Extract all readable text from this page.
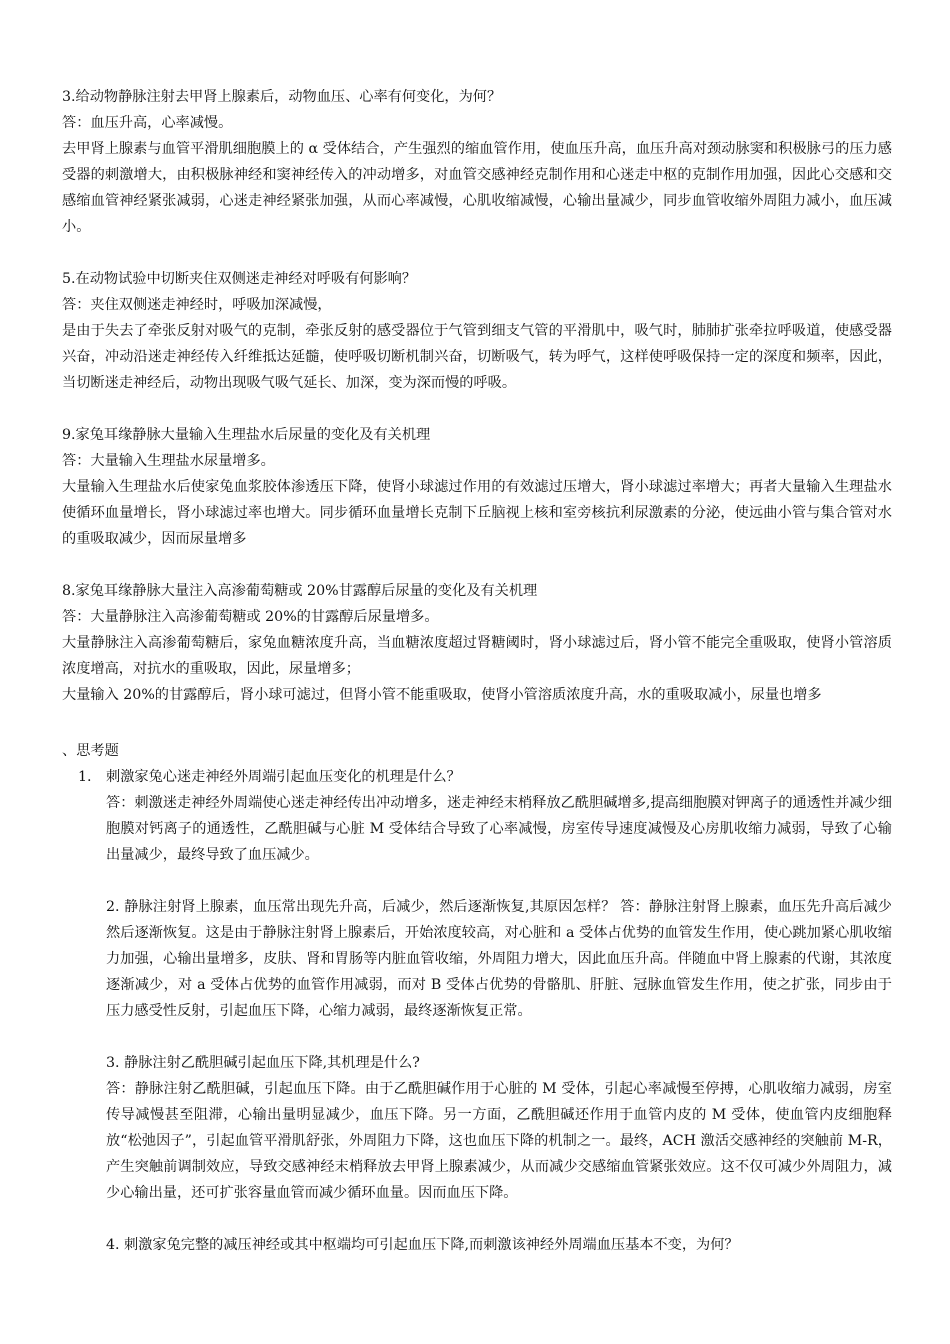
3.给动物静脉注射去甲肾上腺素后，动物血压、心率有何变化，为何？

答：血压升高，心率减慢。

去甲肾上腺素与血管平滑肌细胞膜上的 α 受体结合，产生强烈的缩血管作用，使血压升高，血压升高对颈动脉窦和积极脉弓的压力感受器的刺激增大，由积极脉神经和窦神经传入的冲动增多，对血管交感神经克制作用和心迷走中枢的克制作用加强，因此心交感和交感缩血管神经紧张减弱，心迷走神经紧张加强，从而心率减慢，心肌收缩减慢，心输出量减少，同步血管收缩外周阻力减小，血压减小。

5.在动物试验中切断夹住双侧迷走神经对呼吸有何影响？

答：夹住双侧迷走神经时，呼吸加深减慢，

是由于失去了牵张反射对吸气的克制，牵张反射的感受器位于气管到细支气管的平滑肌中，吸气时，肺肺扩张牵拉呼吸道，使感受器兴奋，冲动沿迷走神经传入纤维抵达延髓，使呼吸切断机制兴奋，切断吸气，转为呼气，这样使呼吸保持一定的深度和频率，因此，当切断迷走神经后，动物出现吸气吸气延长、加深，变为深而慢的呼吸。

9.家兔耳缘静脉大量输入生理盐水后尿量的变化及有关机理

答：大量输入生理盐水尿量增多。

大量输入生理盐水后使家兔血浆胶体渗透压下降，使肾小球滤过作用的有效滤过压增大，肾小球滤过率增大；再者大量输入生理盐水使循环血量增长，肾小球滤过率也增大。同步循环血量增长克制下丘脑视上核和室旁核抗利尿激素的分泌，使远曲小管与集合管对水的重吸取减少，因而尿量增多

8.家兔耳缘静脉大量注入高渗葡萄糖或 20%甘露醇后尿量的变化及有关机理

答：大量静脉注入高渗葡萄糖或 20%的甘露醇后尿量增多。

大量静脉注入高渗葡萄糖后，家兔血糖浓度升高，当血糖浓度超过肾糖阈时，肾小球滤过后，肾小管不能完全重吸取，使肾小管溶质浓度增高，对抗水的重吸取，因此，尿量增多；

大量输入 20%的甘露醇后，肾小球可滤过，但肾小管不能重吸取，使肾小管溶质浓度升高，水的重吸取减小，尿量也增多

、思考题

1.	刺激家兔心迷走神经外周端引起血压变化的机理是什么？

答：刺激迷走神经外周端使心迷走神经传出冲动增多，迷走神经末梢释放乙酰胆碱增多,提高细胞膜对钾离子的通透性并减少细胞膜对钙离子的通透性，乙酰胆碱与心脏 M 受体结合导致了心率减慢，房室传导速度减慢及心房肌收缩力减弱，导致了心输出量减少，最终导致了血压减少。

2. 静脉注射肾上腺素，血压常出现先升高，后减少，然后逐渐恢复,其原因怎样？ 答：静脉注射肾上腺素，血压先升高后减少然后逐渐恢复。这是由于静脉注射肾上腺素后，开始浓度较高，对心脏和 a 受体占优势的血管发生作用，使心跳加紧心肌收缩力加强，心输出量增多，皮肤、肾和胃肠等内脏血管收缩，外周阻力增大，因此血压升高。伴随血中肾上腺素的代谢，其浓度逐渐减少，对 a 受体占优势的血管作用减弱，而对 B 受体占优势的骨骼肌、肝脏、冠脉血管发生作用，使之扩张，同步由于压力感受性反射，引起血压下降，心缩力减弱，最终逐渐恢复正常。

3. 静脉注射乙酰胆碱引起血压下降,其机理是什么?

答：静脉注射乙酰胆碱，引起血压下降。由于乙酰胆碱作用于心脏的 M 受体，引起心率减慢至停搏，心肌收缩力减弱，房室传导减慢甚至阻滞，心输出量明显减少，血压下降。另一方面，乙酰胆碱还作用于血管内皮的 M 受体，使血管内皮细胞释放“松弛因子”，引起血管平滑肌舒张，外周阻力下降，这也血压下降的机制之一。最终，ACH 激活交感神经的突触前 M-R，产生突触前调制效应，导致交感神经末梢释放去甲肾上腺素减少，从而减少交感缩血管紧张效应。这不仅可减少外周阻力，减少心输出量，还可扩张容量血管而减少循环血量。因而血压下降。

4. 刺激家兔完整的减压神经或其中枢端均可引起血压下降,而刺激该神经外周端血压基本不变，为何？
